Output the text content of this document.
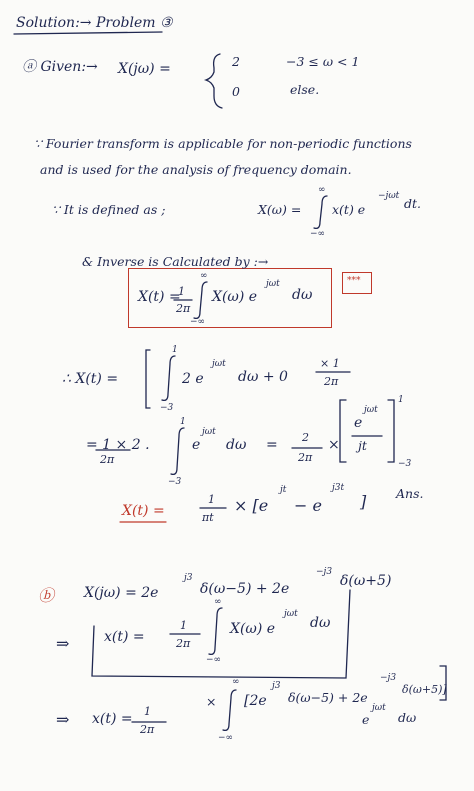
Solution:→ Problem ③
ⓐ Given:→ X(jω) =	2	−3 ≤ ω < 1
0	else.
∵ Fourier transform is applicable for non-periodic functions
and is used for the analysis of frequency domain.
∵ It is defined as ;	X(ω) =
∞
−∞
x(t) e
−jωt dt.
& Inverse is Calculated by :→
X(t) =
1
2π
∞
−∞
X(ω) e
jωt
dω
***
∴ X(t) =
1
−3
2 e
jωt
dω + 0
× 1
2π
= 1 × 2 .
2π
1
−3
e
jωt
dω = 2
2π
×
e
jωt
jt
1
−3
X(t) =
1
πt
× [e
jt
− e
j3t
] Ans.
ⓑ X(jω) = 2e
j3
δ(ω−5) + 2e
−j3
δ(ω+5)
⇒ x(t) =
1
2π
∞
−∞
X(ω) e
jωt
dω
⇒ x(t) = 1
2π
×
∞
−∞
[2e
j3
δ(ω−5) + 2e
−j3
δ(ω+5)]
e
jωt
dω
